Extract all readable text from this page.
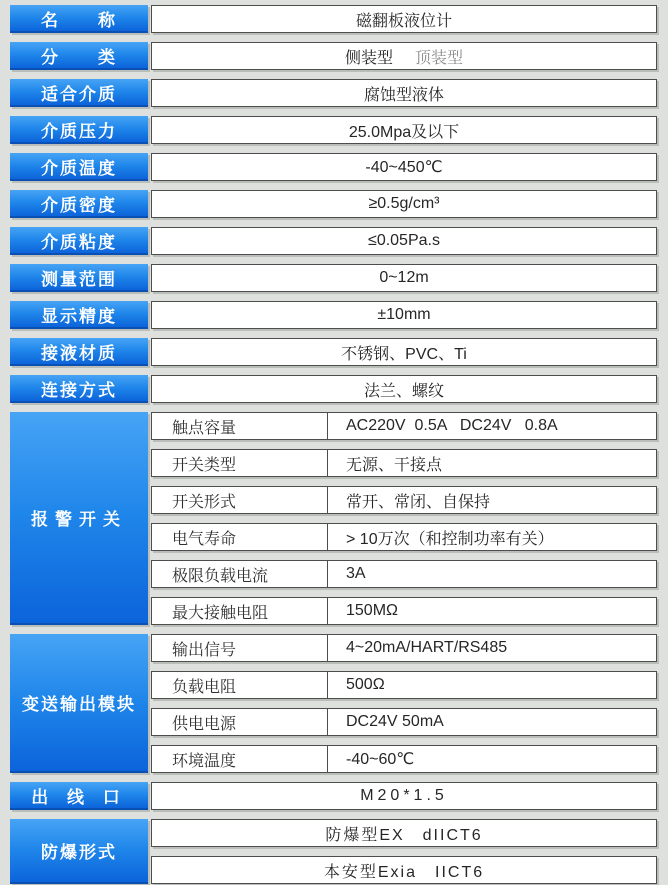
名　　称	磁翻板液位计
分　　类	侧装型 顶装型
适合介质	腐蚀型液体
介质压力	25.0Mpa及以下
介质温度	-40~450℃
介质密度	≥0.5g/cm³
介质粘度	≤0.05Pa.s
测量范围	0~12m
显示精度	±10mm
接液材质	不锈钢、PVC、Ti
连接方式	法兰、螺纹
报警开关
触点容量	AC220V  0.5A   DC24V   0.8A
开关类型	无源、干接点
开关形式	常开、常闭、自保持
电气寿命	> 10万次（和控制功率有关）
极限负载电流	3A
最大接触电阻	150MΩ
变送输出模块
输出信号	4~20mA/HART/RS485
负载电阻	500Ω
供电电源	DC24V 50mA
环境温度	-40~60℃
出 线 口	M20*1.5
防爆形式
防爆型EX　dIICT6
本安型Exia　IICT6
